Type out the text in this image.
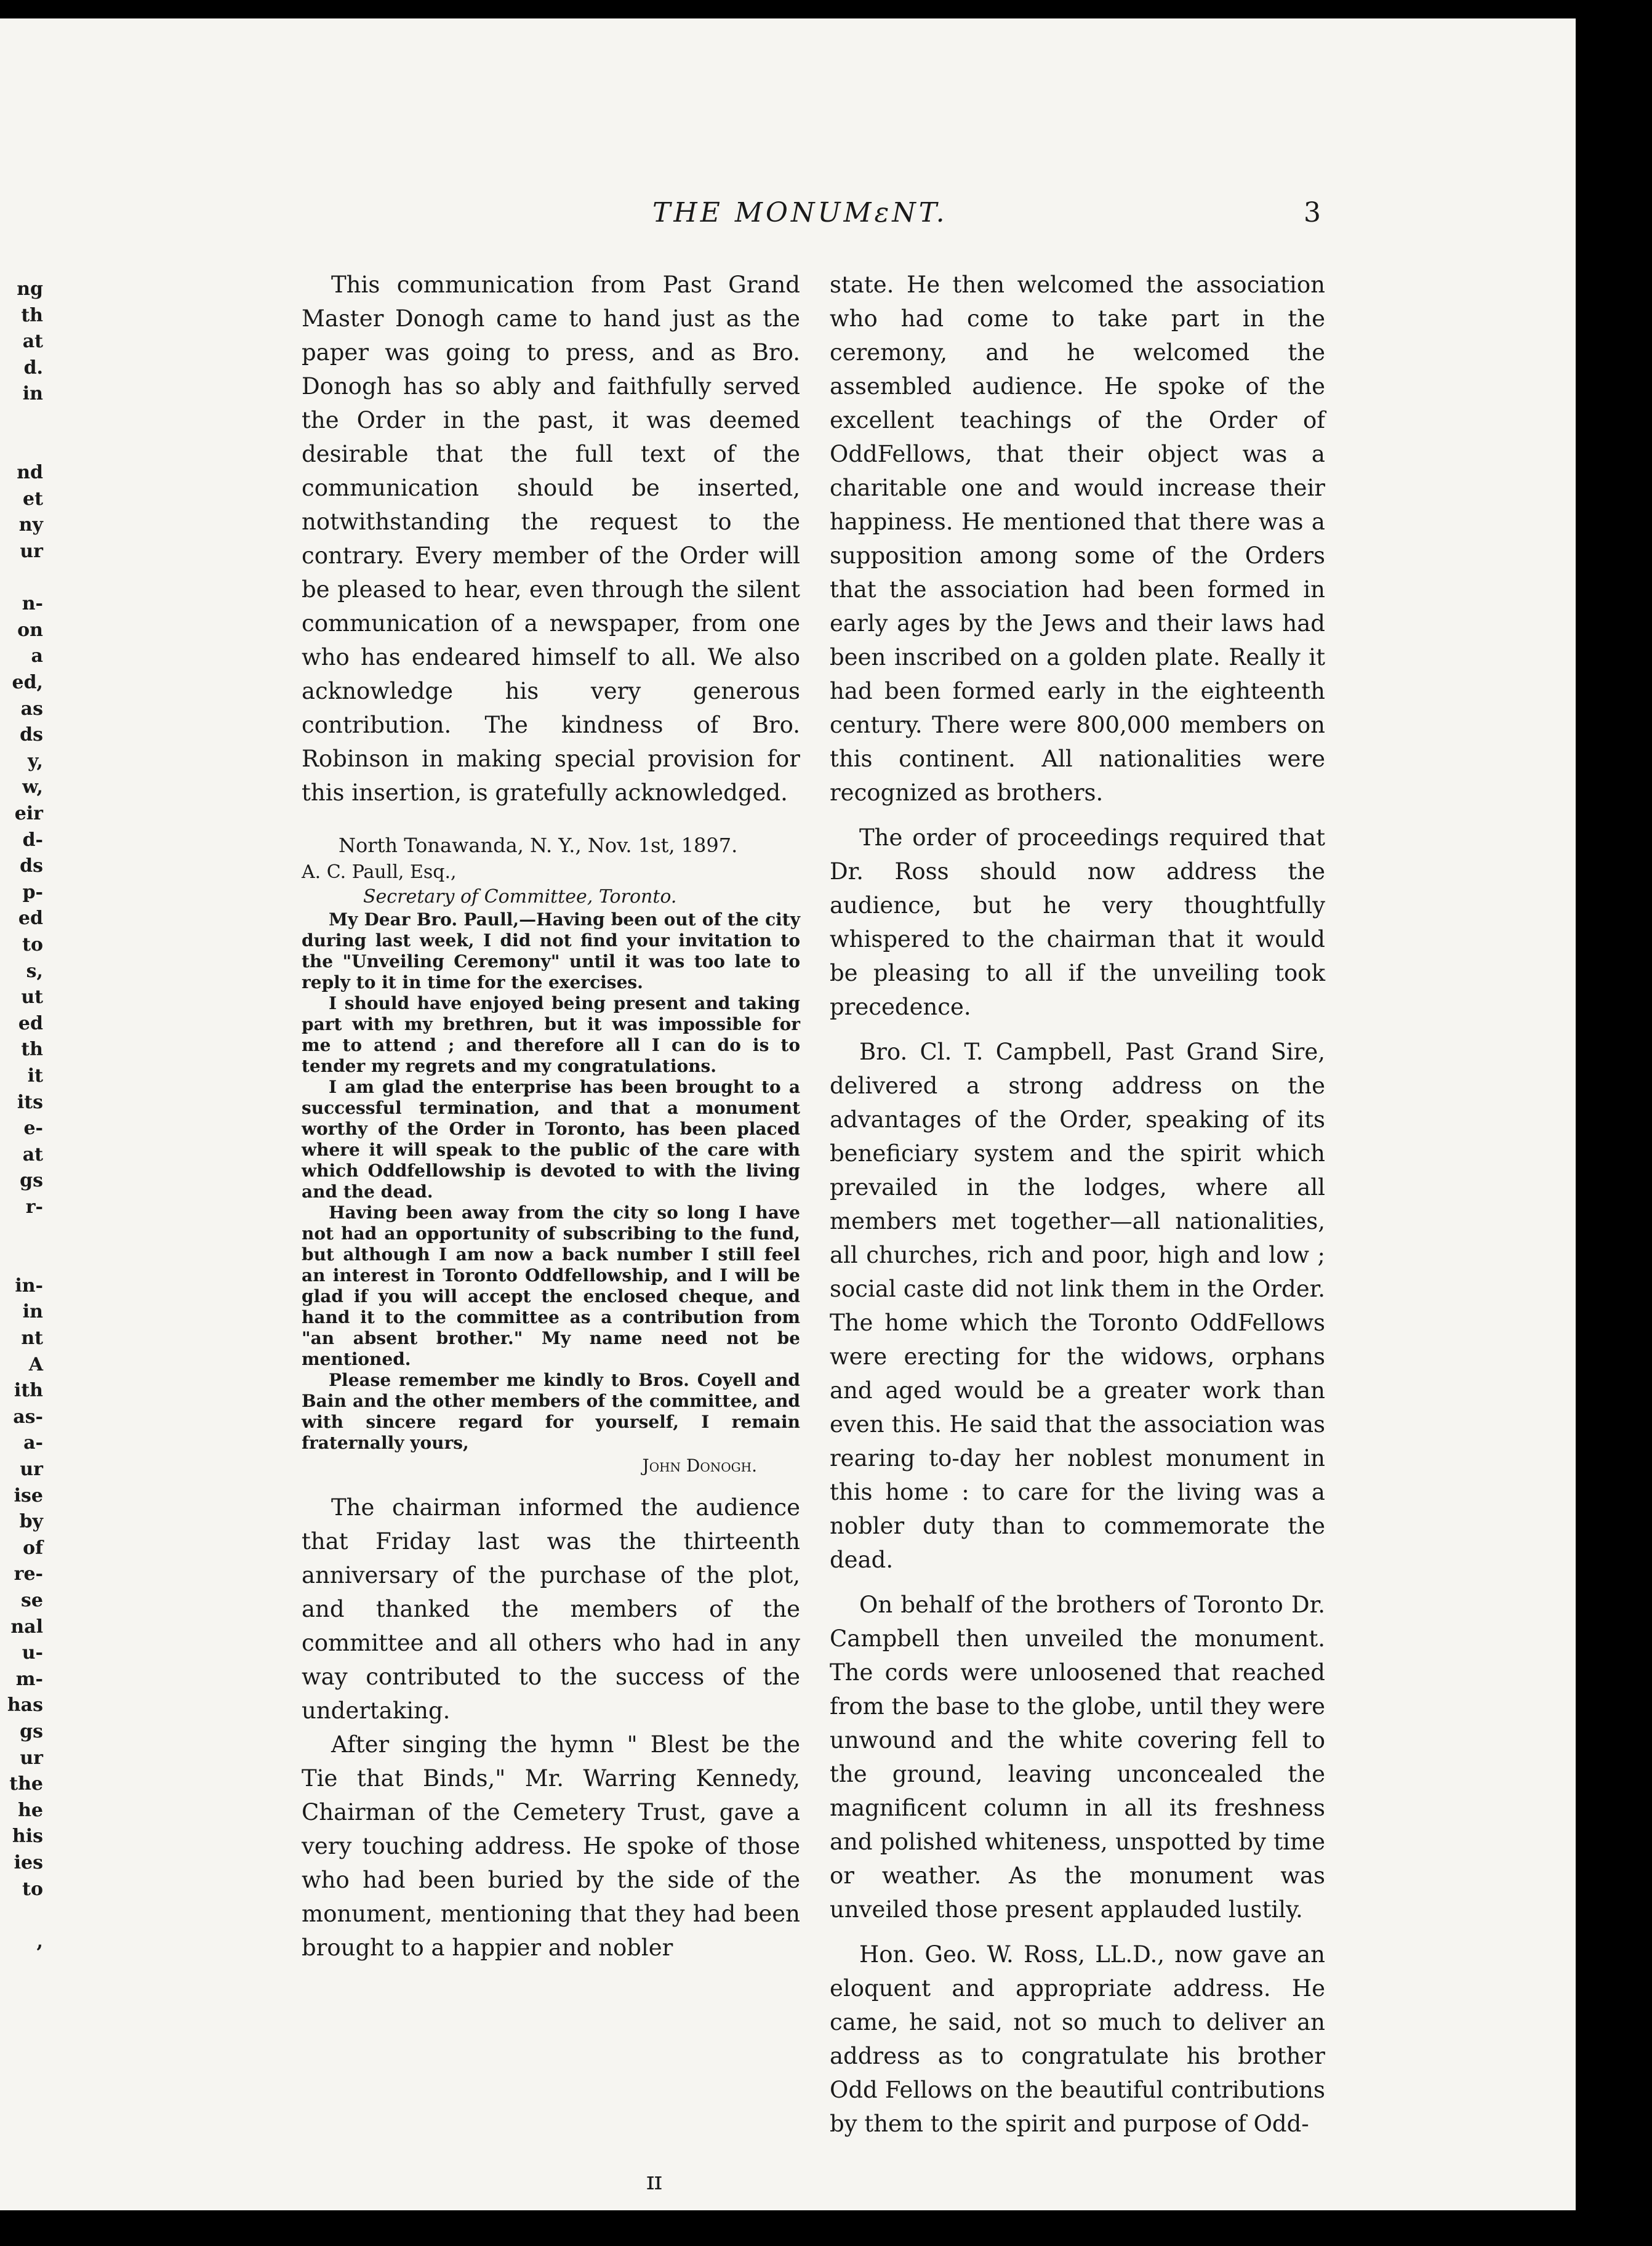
ng
th
at
d.
in
nd
et
ny
ur
n-
on
a
ed,
as
ds
y,
w,
eir
d-
ds
p-
ed
to
s,
ut
ed
th
it
its
e-
at
gs
r-
in-
in
nt
A
ith
as-
a-
ur
ise
by
of
re-
se
nal
u-
m-
has
gs
ur
the
he
his
ies
to
,
THE MONUMɛNT.	3

This communication from Past Grand Master Donogh came to hand just as the paper was going to press, and as Bro. Donogh has so ably and faithfully served the Order in the past, it was deemed desirable that the full text of the communication should be inserted, notwithstanding the request to the contrary. Every member of the Order will be pleased to hear, even through the silent communication of a newspaper, from one who has endeared himself to all. We also acknowledge his very generous contribution. The kindness of Bro. Robinson in making special provision for this insertion, is gratefully acknowledged.

North Tonawanda, N. Y., Nov. 1st, 1897.
A. C. Paull, Esq.,
Secretary of Committee, Toronto.

My Dear Bro. Paull,—Having been out of the city during last week, I did not find your invitation to the "Unveiling Ceremony" until it was too late to reply to it in time for the exercises.

I should have enjoyed being present and taking part with my brethren, but it was impossible for me to attend ; and therefore all I can do is to tender my regrets and my congratulations.

I am glad the enterprise has been brought to a successful termination, and that a monument worthy of the Order in Toronto, has been placed where it will speak to the public of the care with which Oddfellowship is devoted to with the living and the dead.

Having been away from the city so long I have not had an opportunity of subscribing to the fund, but although I am now a back number I still feel an interest in Toronto Oddfellowship, and I will be glad if you will accept the enclosed cheque, and hand it to the committee as a contribution from "an absent brother." My name need not be mentioned.

Please remember me kindly to Bros. Coyell and Bain and the other members of the committee, and with sincere regard for yourself, I remain fraternally yours,

John Donogh.

The chairman informed the audience that Friday last was the thirteenth anniversary of the purchase of the plot, and thanked the members of the committee and all others who had in any way contributed to the success of the undertaking.

After singing the hymn " Blest be the Tie that Binds," Mr. Warring Kennedy, Chairman of the Cemetery Trust, gave a very touching address. He spoke of those who had been buried by the side of the monument, mentioning that they had been brought to a happier and nobler

state. He then welcomed the association who had come to take part in the ceremony, and he welcomed the assembled audience. He spoke of the excellent teachings of the Order of OddFellows, that their object was a charitable one and would increase their happiness. He mentioned that there was a supposition among some of the Orders that the association had been formed in early ages by the Jews and their laws had been inscribed on a golden plate. Really it had been formed early in the eighteenth century. There were 800,000 members on this continent. All nationalities were recognized as brothers.

The order of proceedings required that Dr. Ross should now address the audience, but he very thoughtfully whispered to the chairman that it would be pleasing to all if the unveiling took precedence.

Bro. Cl. T. Campbell, Past Grand Sire, delivered a strong address on the advantages of the Order, speaking of its beneficiary system and the spirit which prevailed in the lodges, where all members met together—all nationalities, all churches, rich and poor, high and low ; social caste did not link them in the Order. The home which the Toronto OddFellows were erecting for the widows, orphans and aged would be a greater work than even this. He said that the association was rearing to-day her noblest monument in this home : to care for the living was a nobler duty than to commemorate the dead.

On behalf of the brothers of Toronto Dr. Campbell then unveiled the monument. The cords were unloosened that reached from the base to the globe, until they were unwound and the white covering fell to the ground, leaving unconcealed the magnificent column in all its freshness and polished whiteness, unspotted by time or weather. As the monument was unveiled those present applauded lustily.

Hon. Geo. W. Ross, LL.D., now gave an eloquent and appropriate address. He came, he said, not so much to deliver an address as to congratulate his brother Odd Fellows on the beautiful contributions by them to the spirit and purpose of Odd-

ɪɪ
